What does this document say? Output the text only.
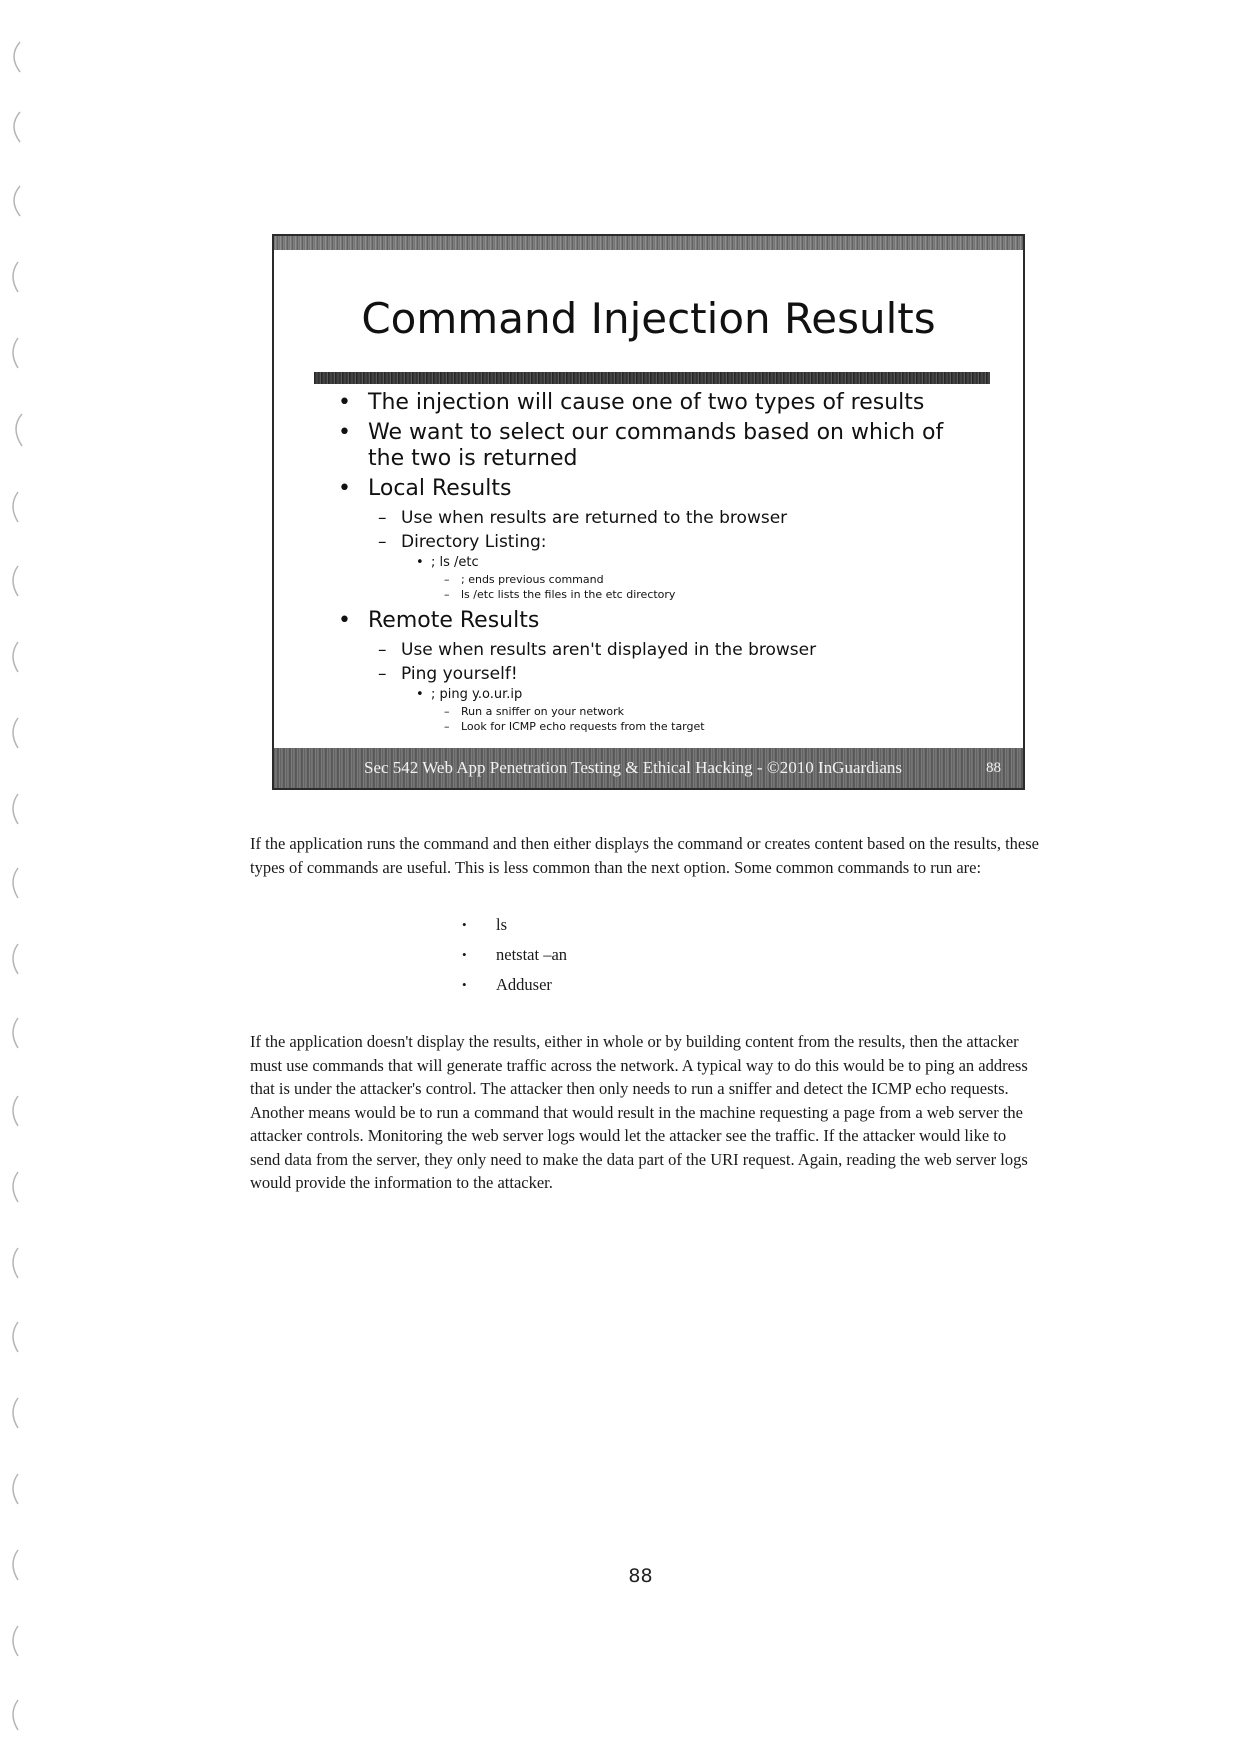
Command Injection Results
• The injection will cause one of two types of results
• We want to select our commands based on which of the two is returned
• Local Results
– Use when results are returned to the browser
– Directory Listing:
• ; ls /etc
– ; ends previous command
– ls /etc lists the files in the etc directory
• Remote Results
– Use when results aren't displayed in the browser
– Ping yourself!
• ; ping y.o.ur.ip
– Run a sniffer on your network
– Look for ICMP echo requests from the target
Sec 542 Web App Penetration Testing & Ethical Hacking - ©2010 InGuardians	88

If the application runs the command and then either displays the command or creates content based on the results, these types of commands are useful. This is less common than the next option. Some common commands to run are:

• ls
• netstat –an
• Adduser

If the application doesn't display the results, either in whole or by building content from the results, then the attacker must use commands that will generate traffic across the network. A typical way to do this would be to ping an address that is under the attacker's control. The attacker then only needs to run a sniffer and detect the ICMP echo requests. Another means would be to run a command that would result in the machine requesting a page from a web server the attacker controls. Monitoring the web server logs would let the attacker see the traffic. If the attacker would like to send data from the server, they only need to make the data part of the URI request. Again, reading the web server logs would provide the information to the attacker.

88
